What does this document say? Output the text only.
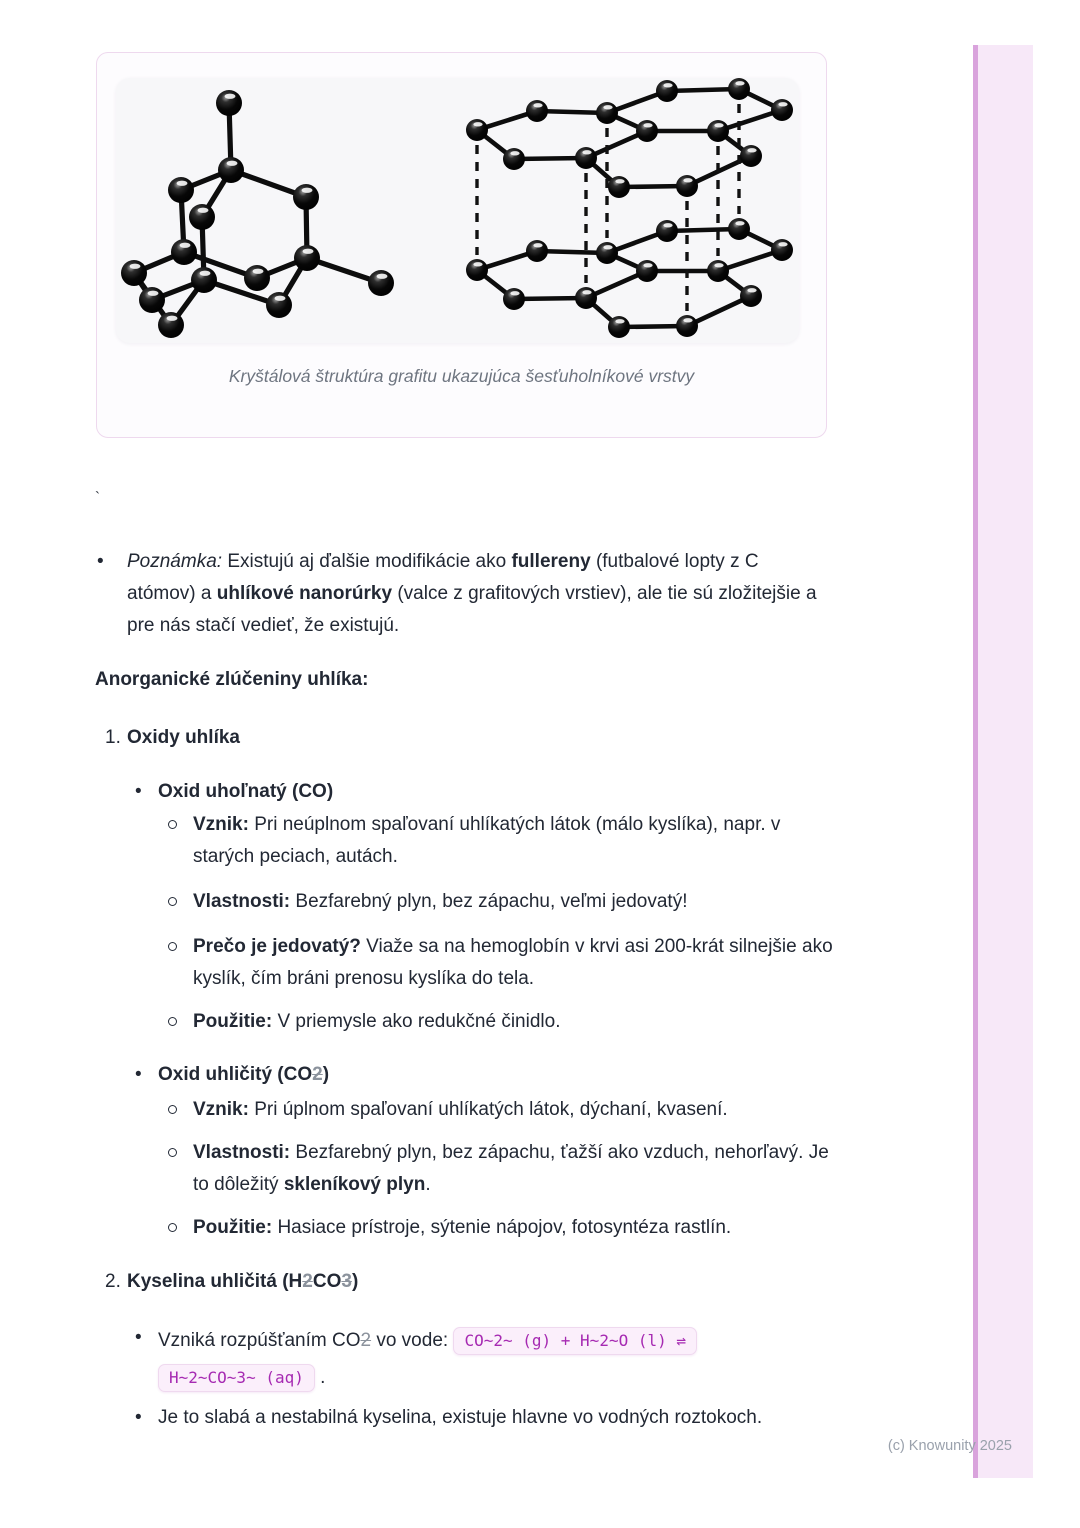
Kryštálová štruktúra grafitu ukazujúca šesťuholníkové vrstvy
`
•	Poznámka: Existujú aj ďalšie modifikácie ako fullereny (futbalové lopty z C atómov) a uhlíkové nanorúrky (valce z grafitových vrstiev), ale tie sú zložitejšie a pre nás stačí vedieť, že existujú.
Anorganické zlúčeniny uhlíka:
1. Oxidy uhlíka
• Oxid uhoľnatý (CO)
Vznik: Pri neúplnom spaľovaní uhlíkatých látok (málo kyslíka), napr. v starých peciach, autách.
Vlastnosti: Bezfarebný plyn, bez zápachu, veľmi jedovatý!
Prečo je jedovatý? Viaže sa na hemoglobín v krvi asi 200-krát silnejšie ako kyslík, čím bráni prenosu kyslíka do tela.
Použitie: V priemysle ako redukčné činidlo.
• Oxid uhličitý (CO2)
Vznik: Pri úplnom spaľovaní uhlíkatých látok, dýchaní, kvasení.
Vlastnosti: Bezfarebný plyn, bez zápachu, ťažší ako vzduch, nehorľavý. Je to dôležitý skleníkový plyn.
Použitie: Hasiace prístroje, sýtenie nápojov, fotosyntéza rastlín.
2. Kyselina uhličitá (H2CO3)
• Vzniká rozpúšťaním CO2 vo vode: CO~2~ (g) + H~2~O (l) ⇌
H~2~CO~3~ (aq) .
• Je to slabá a nestabilná kyselina, existuje hlavne vo vodných roztokoch.
(c) Knowunity 2025
